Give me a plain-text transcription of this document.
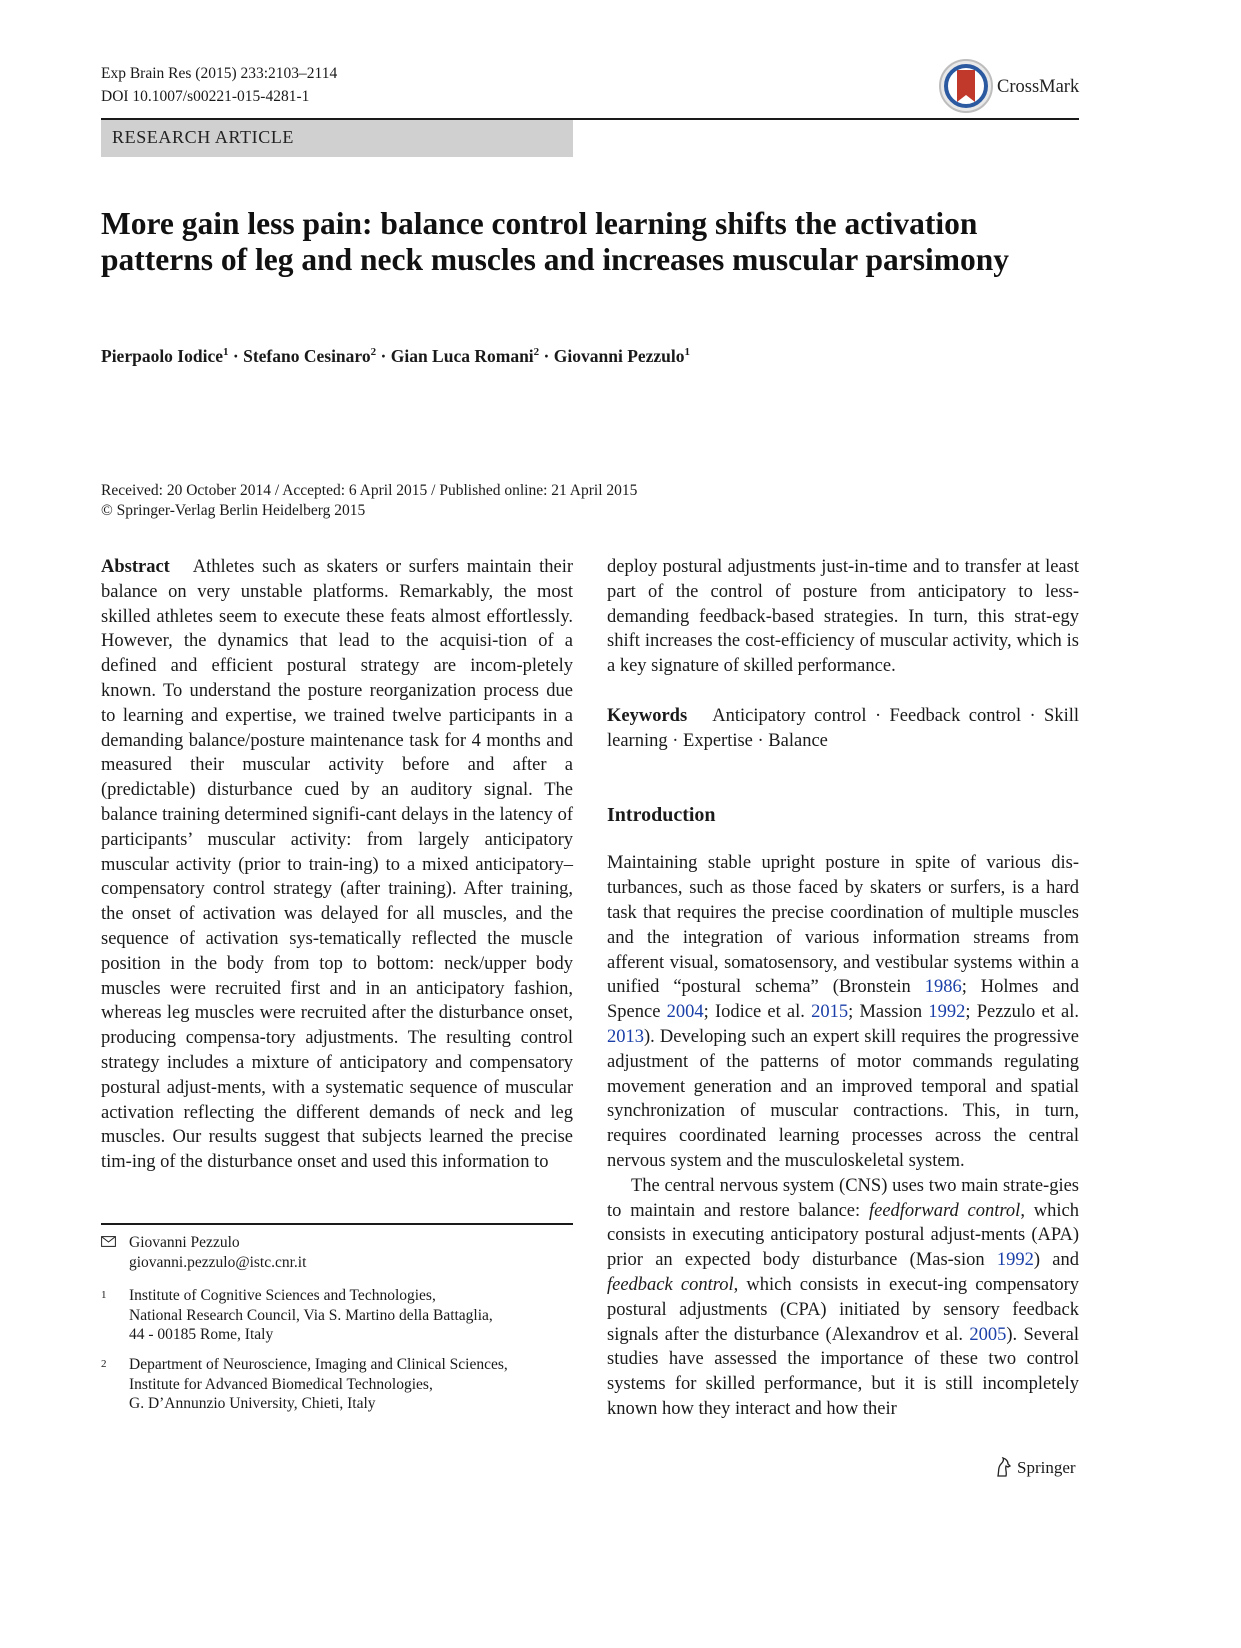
Exp Brain Res (2015) 233:2103–2114
DOI 10.1007/s00221-015-4281-1	CrossMark
RESEARCH ARTICLE
More gain less pain: balance control learning shifts the activation patterns of leg and neck muscles and increases muscular parsimony
Pierpaolo Iodice$^1$ · Stefano Cesinaro$^2$ · Gian Luca Romani$^2$ · Giovanni Pezzulo$^1$
Received: 20 October 2014 / Accepted: 6 April 2015 / Published online: 21 April 2015
© Springer-Verlag Berlin Heidelberg 2015

Abstract Athletes such as skaters or surfers maintain their balance on very unstable platforms. Remarkably, the most skilled athletes seem to execute these feats almost effortlessly. However, the dynamics that lead to the acquisi-tion of a defined and efficient postural strategy are incom-pletely known. To understand the posture reorganization process due to learning and expertise, we trained twelve participants in a demanding balance/posture maintenance task for 4 months and measured their muscular activity before and after a (predictable) disturbance cued by an auditory signal. The balance training determined signifi-cant delays in the latency of participants’ muscular activity: from largely anticipatory muscular activity (prior to train-ing) to a mixed anticipatory–compensatory control strategy (after training). After training, the onset of activation was delayed for all muscles, and the sequence of activation sys-tematically reflected the muscle position in the body from top to bottom: neck/upper body muscles were recruited first and in an anticipatory fashion, whereas leg muscles were recruited after the disturbance onset, producing compensa-tory adjustments. The resulting control strategy includes a mixture of anticipatory and compensatory postural adjust-ments, with a systematic sequence of muscular activation reflecting the different demands of neck and leg muscles. Our results suggest that subjects learned the precise tim-ing of the disturbance onset and used this information to

deploy postural adjustments just-in-time and to transfer at least part of the control of posture from anticipatory to less-demanding feedback-based strategies. In turn, this strat-egy shift increases the cost-efficiency of muscular activity, which is a key signature of skilled performance.

Keywords Anticipatory control · Feedback control · Skill learning · Expertise · Balance

Introduction

Maintaining stable upright posture in spite of various dis-turbances, such as those faced by skaters or surfers, is a hard task that requires the precise coordination of multiple muscles and the integration of various information streams from afferent visual, somatosensory, and vestibular systems within a unified “postural schema” (Bronstein 1986; Holmes and Spence 2004; Iodice et al. 2015; Massion 1992; Pezzulo et al. 2013). Developing such an expert skill requires the progressive adjustment of the patterns of motor commands regulating movement generation and an improved temporal and spatial synchronization of muscular contractions. This, in turn, requires coordinated learning processes across the central nervous system and the musculoskeletal system.

The central nervous system (CNS) uses two main strate-gies to maintain and restore balance: feedforward control, which consists in executing anticipatory postural adjust-ments (APA) prior an expected body disturbance (Mas-sion 1992) and feedback control, which consists in execut-ing compensatory postural adjustments (CPA) initiated by sensory feedback signals after the disturbance (Alexandrov et al. 2005). Several studies have assessed the importance of these two control systems for skilled performance, but it is still incompletely known how they interact and how their

Giovanni Pezzulo
giovanni.pezzulo@istc.cnr.it
1 Institute of Cognitive Sciences and Technologies,
National Research Council, Via S. Martino della Battaglia,
44 - 00185 Rome, Italy
2 Department of Neuroscience, Imaging and Clinical Sciences,
Institute for Advanced Biomedical Technologies,
G. D’Annunzio University, Chieti, Italy
Springer
